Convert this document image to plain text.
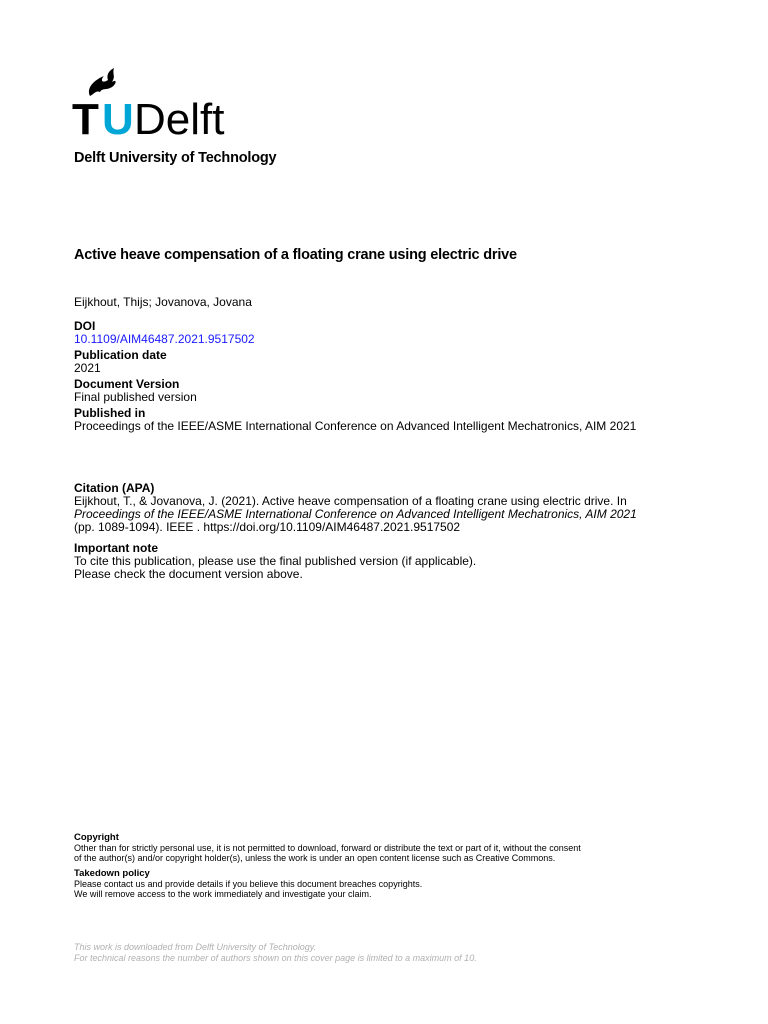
T U Delft
Delft University of Technology
Active heave compensation of a floating crane using electric drive
Eijkhout, Thijs; Jovanova, Jovana
DOI
10.1109/AIM46487.2021.9517502
Publication date
2021
Document Version
Final published version
Published in
Proceedings of the IEEE/ASME International Conference on Advanced Intelligent Mechatronics, AIM 2021
Citation (APA)
Eijkhout, T., & Jovanova, J. (2021). Active heave compensation of a floating crane using electric drive. In
Proceedings of the IEEE/ASME International Conference on Advanced Intelligent Mechatronics, AIM 2021
(pp. 1089-1094). IEEE . https://doi.org/10.1109/AIM46487.2021.9517502
Important note
To cite this publication, please use the final published version (if applicable).
Please check the document version above.
Copyright
Other than for strictly personal use, it is not permitted to download, forward or distribute the text or part of it, without the consent
of the author(s) and/or copyright holder(s), unless the work is under an open content license such as Creative Commons.
Takedown policy
Please contact us and provide details if you believe this document breaches copyrights.
We will remove access to the work immediately and investigate your claim.
This work is downloaded from Delft University of Technology.
For technical reasons the number of authors shown on this cover page is limited to a maximum of 10.
